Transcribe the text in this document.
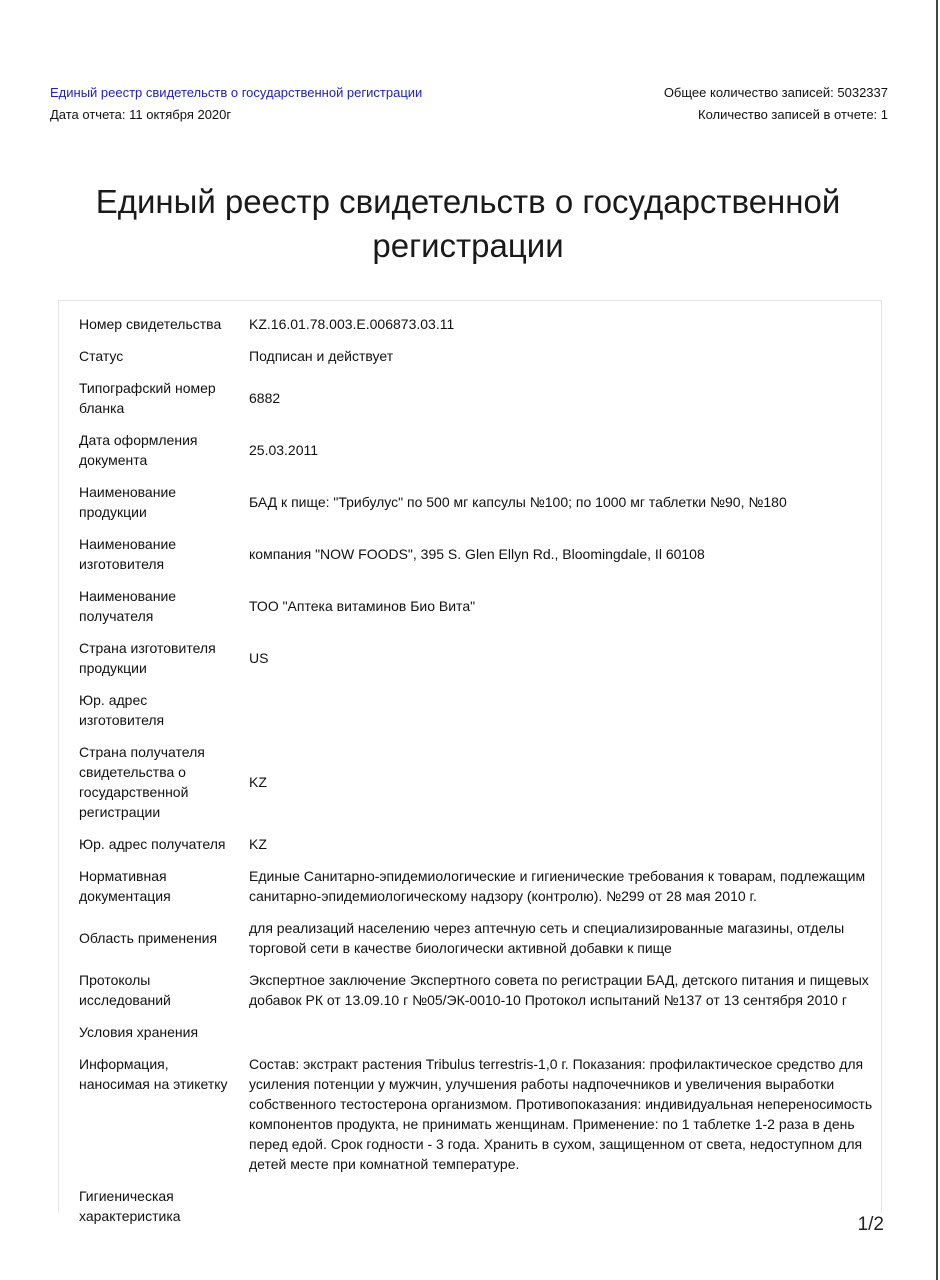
Единый реестр свидетельств о государственной регистрации
Дата отчета: 11 октября 2020г
Общее количество записей: 5032337
Количество записей в отчете: 1
Единый реестр свидетельств о государственной регистрации
Номер свидетельства	KZ.16.01.78.003.E.006873.03.11
Статус	Подписан и действует
Типографский номер бланка	6882
Дата оформления документа	25.03.2011
Наименование продукции	БАД к пище: "Трибулус" по 500 мг капсулы №100; по 1000 мг таблетки №90, №180
Наименование изготовителя	компания "NOW FOODS", 395 S. Glen Ellyn Rd., Bloomingdale, Il 60108
Наименование получателя	ТОО "Аптека витаминов Био Вита"
Страна изготовителя продукции	US
Юр. адрес изготовителя	
Страна получателя свидетельства о государственной регистрации	KZ
Юр. адрес получателя	KZ
Нормативная документация	Единые Санитарно-эпидемиологические и гигиенические требования к товарам, подлежащим санитарно-эпидемиологическому надзору (контролю). №299 от 28 мая 2010 г.
Область применения	для реализаций населению через аптечную сеть и специализированные магазины, отделы торговой сети в качестве биологически активной добавки к пище
Протоколы исследований	Экспертное заключение Экспертного совета по регистрации БАД, детского питания и пищевых добавок РК от 13.09.10 г №05/ЭК-0010-10 Протокол испытаний №137 от 13 сентября 2010 г
Условия хранения	
Информация, наносимая на этикетку	Состав: экстракт растения Tribulus terrestris-1,0 г. Показания: профилактическое средство для усиления потенции у мужчин, улучшения работы надпочечников и увеличения выработки собственного тестостерона организмом. Противопоказания: индивидуальная непереносимость компонентов продукта, не принимать женщинам. Применение: по 1 таблетке 1-2 раза в день перед едой. Срок годности - 3 года. Хранить в сухом, защищенном от света, недоступном для детей месте при комнатной температуре.
Гигиеническая характеристика		1/2
